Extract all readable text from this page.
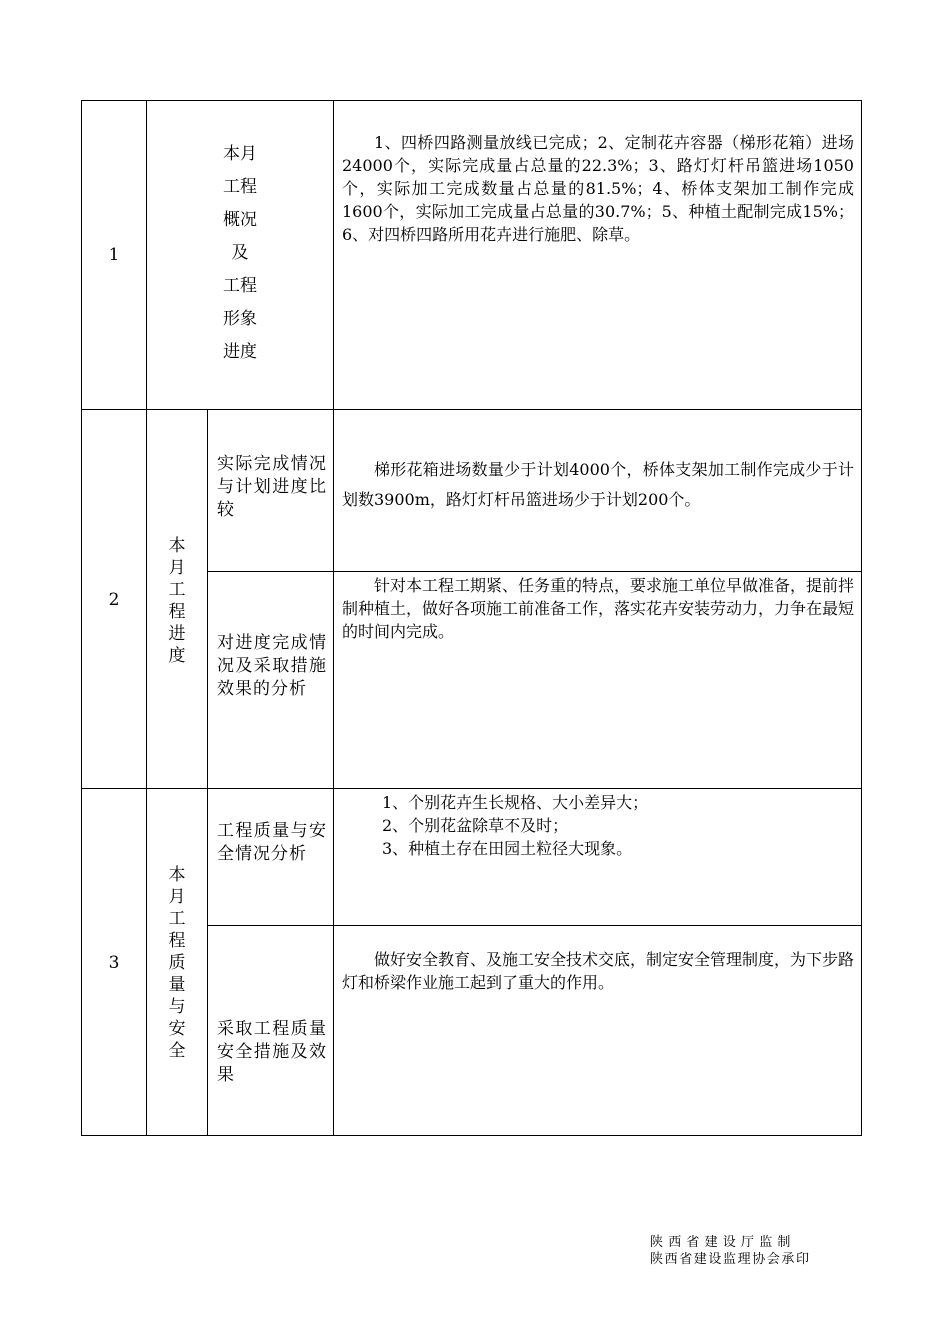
1
本月
工程
概况
及
工程
形象
进度
1、四桥四路测量放线已完成；2、定制花卉容器（梯形花箱）进场24000个，实际完成量占总量的22.3%；3、路灯灯杆吊篮进场1050个，实际加工完成数量占总量的81.5%；4、桥体支架加工制作完成1600个，实际加工完成量占总量的30.7%；5、种植土配制完成15%；6、对四桥四路所用花卉进行施肥、除草。
2
本月工程进度
实际完成情况与计划进度比较
梯形花箱进场数量少于计划4000个，桥体支架加工制作完成少于计划数3900m，路灯灯杆吊篮进场少于计划200个。
对进度完成情况及采取措施效果的分析
针对本工程工期紧、任务重的特点，要求施工单位早做准备，提前拌制种植土，做好各项施工前准备工作，落实花卉安装劳动力，力争在最短的时间内完成。
3
本月工程质量与安全
工程质量与安全情况分析
1、个别花卉生长规格、大小差异大；
2、个别花盆除草不及时；
3、种植土存在田园土粒径大现象。
采取工程质量安全措施及效果
做好安全教育、及施工安全技术交底，制定安全管理制度，为下步路灯和桥梁作业施工起到了重大的作用。
陕西省建设厅监制
陕西省建设监理协会承印
